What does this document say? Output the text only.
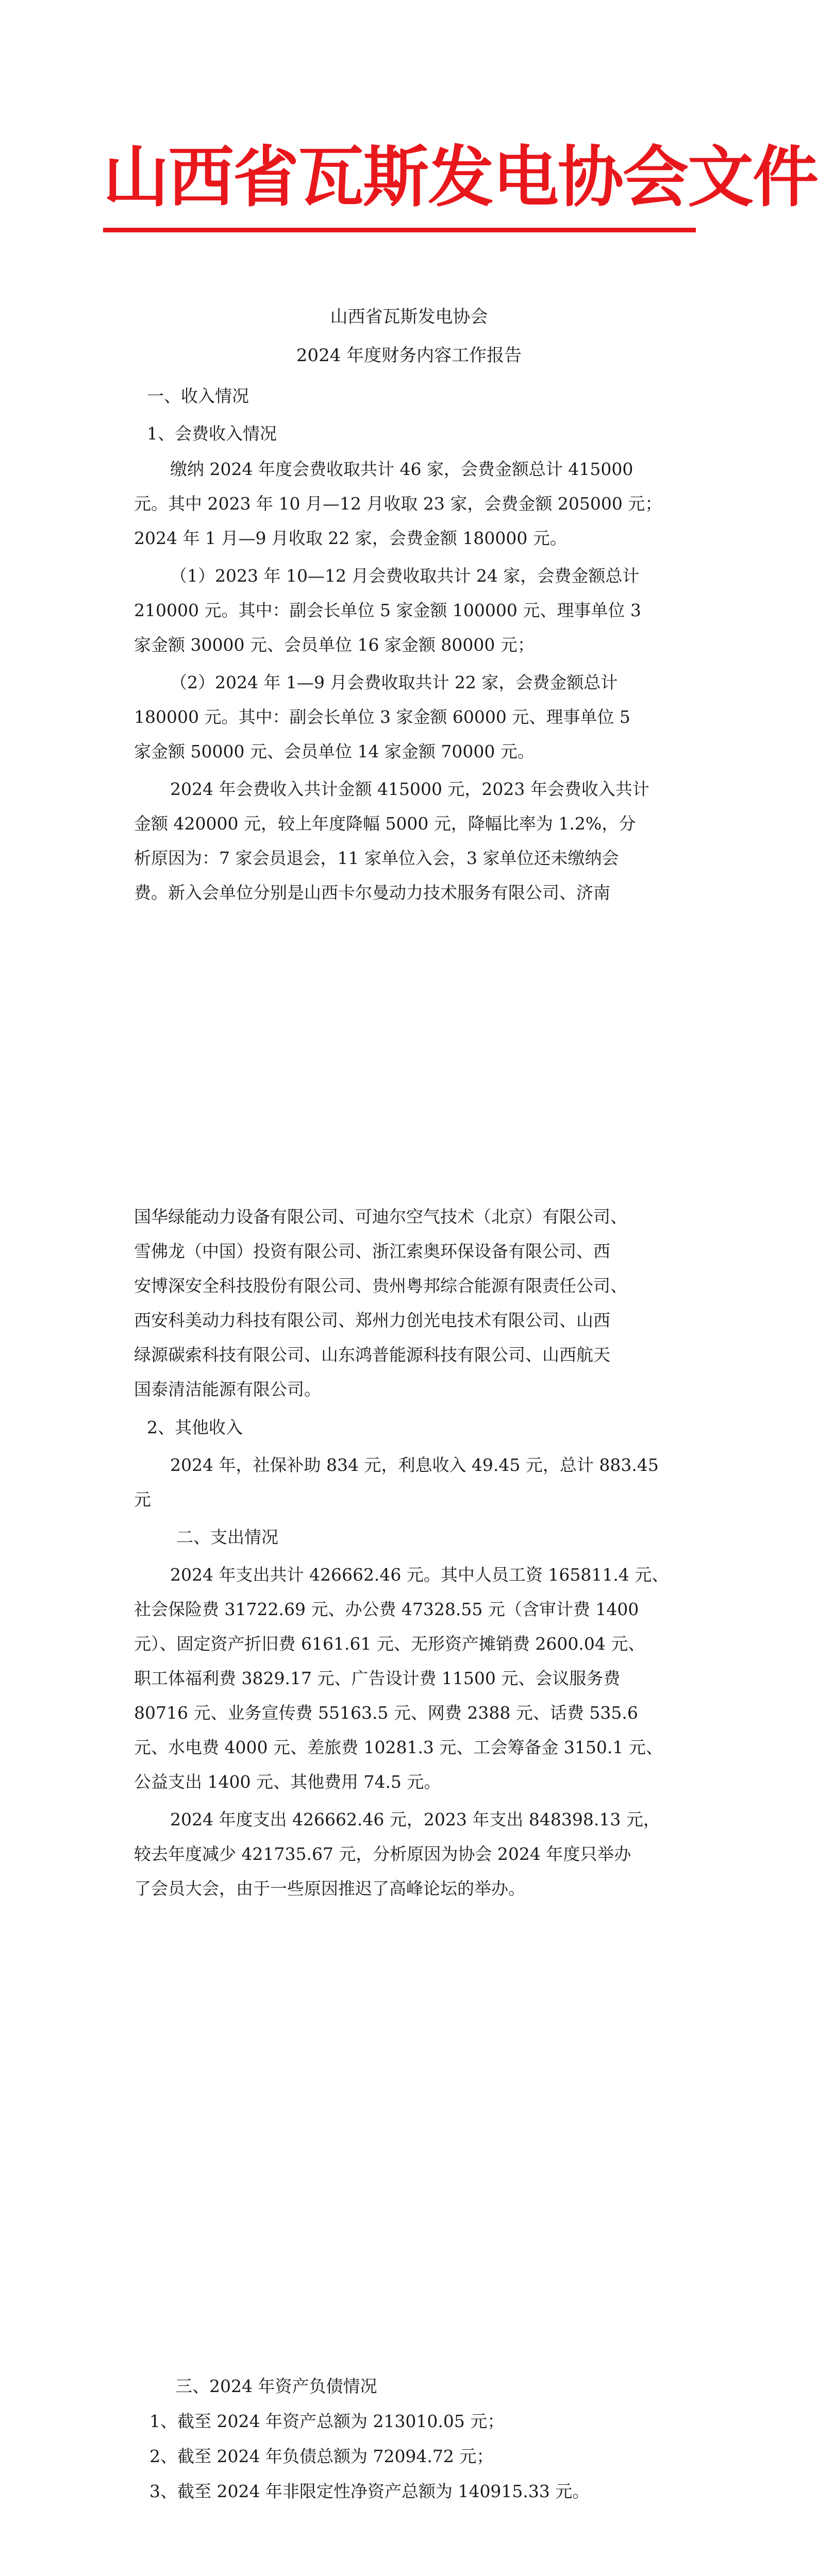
山西省瓦斯发电协会文件
山西省瓦斯发电协会
2024 年度财务内容工作报告

一、收入情况

1、会费收入情况

缴纳 2024 年度会费收取共计 46 家，会费金额总计 415000

元。其中 2023 年 10 月—12 月收取 23 家，会费金额 205000 元；

2024 年 1 月—9 月收取 22 家，会费金额 180000 元。

（1）2023 年 10—12 月会费收取共计 24 家，会费金额总计

210000 元。其中：副会长单位 5 家金额 100000 元、理事单位 3

家金额 30000 元、会员单位 16 家金额 80000 元；

（2）2024 年 1—9 月会费收取共计 22 家，会费金额总计

180000 元。其中：副会长单位 3 家金额 60000 元、理事单位 5

家金额 50000 元、会员单位 14 家金额 70000 元。

2024 年会费收入共计金额 415000 元，2023 年会费收入共计

金额 420000 元，较上年度降幅 5000 元，降幅比率为 1.2%，分

析原因为：7 家会员退会，11 家单位入会，3 家单位还未缴纳会

费。新入会单位分别是山西卡尔曼动力技术服务有限公司、济南

国华绿能动力设备有限公司、可迪尔空气技术（北京）有限公司、

雪佛龙（中国）投资有限公司、浙江索奥环保设备有限公司、西

安博深安全科技股份有限公司、贵州粤邦综合能源有限责任公司、

西安科美动力科技有限公司、郑州力创光电技术有限公司、山西

绿源碳索科技有限公司、山东鸿普能源科技有限公司、山西航天

国泰清洁能源有限公司。

2、其他收入

2024 年，社保补助 834 元，利息收入 49.45 元，总计 883.45

元

二、支出情况

2024 年支出共计 426662.46 元。其中人员工资 165811.4 元、

社会保险费 31722.69 元、办公费 47328.55 元（含审计费 1400

元）、固定资产折旧费 6161.61 元、无形资产摊销费 2600.04 元、

职工体福利费 3829.17 元、广告设计费 11500 元、会议服务费

80716 元、业务宣传费 55163.5 元、网费 2388 元、话费 535.6

元、水电费 4000 元、差旅费 10281.3 元、工会筹备金 3150.1 元、

公益支出 1400 元、其他费用 74.5 元。

2024 年度支出 426662.46 元，2023 年支出 848398.13 元，

较去年度减少 421735.67 元，分析原因为协会 2024 年度只举办

了会员大会，由于一些原因推迟了高峰论坛的举办。

三、2024 年资产负债情况

1、截至 2024 年资产总额为 213010.05 元；

2、截至 2024 年负债总额为 72094.72 元；

3、截至 2024 年非限定性净资产总额为 140915.33 元。
